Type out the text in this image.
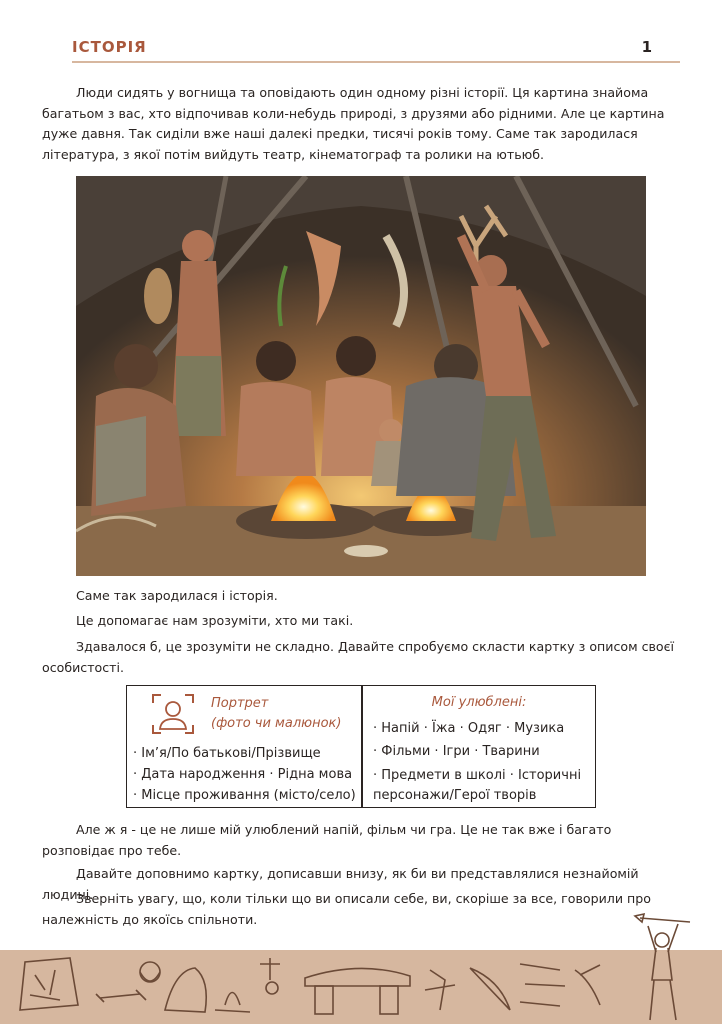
ІСТОРІЯ	1

Люди сидять у вогнища та оповідають один одному різні історії. Ця картина знайома багатьом з вас, хто відпочивав коли-небудь природі, з друзями або рідними. Але це картина дуже давня. Так сиділи вже наші далекі предки, тисячі років тому. Саме так зародилася література, з якої потім вийдуть театр, кінематограф та ролики на ютьюб.

Саме так зародилася і історія.

Це допомагає нам зрозуміти, хто ми такі.

Здавалося б, це зрозуміти не складно. Давайте спробуємо скласти картку з описом своєї особистості.

Портрет
(фото чи малюнок)
· Ім’я/По батькові/Прізвище
· Дата народження · Рідна мова
· Місце проживання (місто/село)
Мої улюблені:
· Напій · Їжа · Одяг · Музика
· Фільми · Ігри · Тварини
· Предмети в школі · Історичні
персонажи/Герої творів

Але ж я - це не лише мій улюблений напій, фільм чи гра. Це не так вже і багато розповідає про тебе.

Давайте доповнимо картку, дописавши внизу, як би ви представлялися незнайомій людині.

Зверніть увагу, що, коли тільки що ви описали себе, ви, скоріше за все, говорили про належність до якоїсь спільноти.
